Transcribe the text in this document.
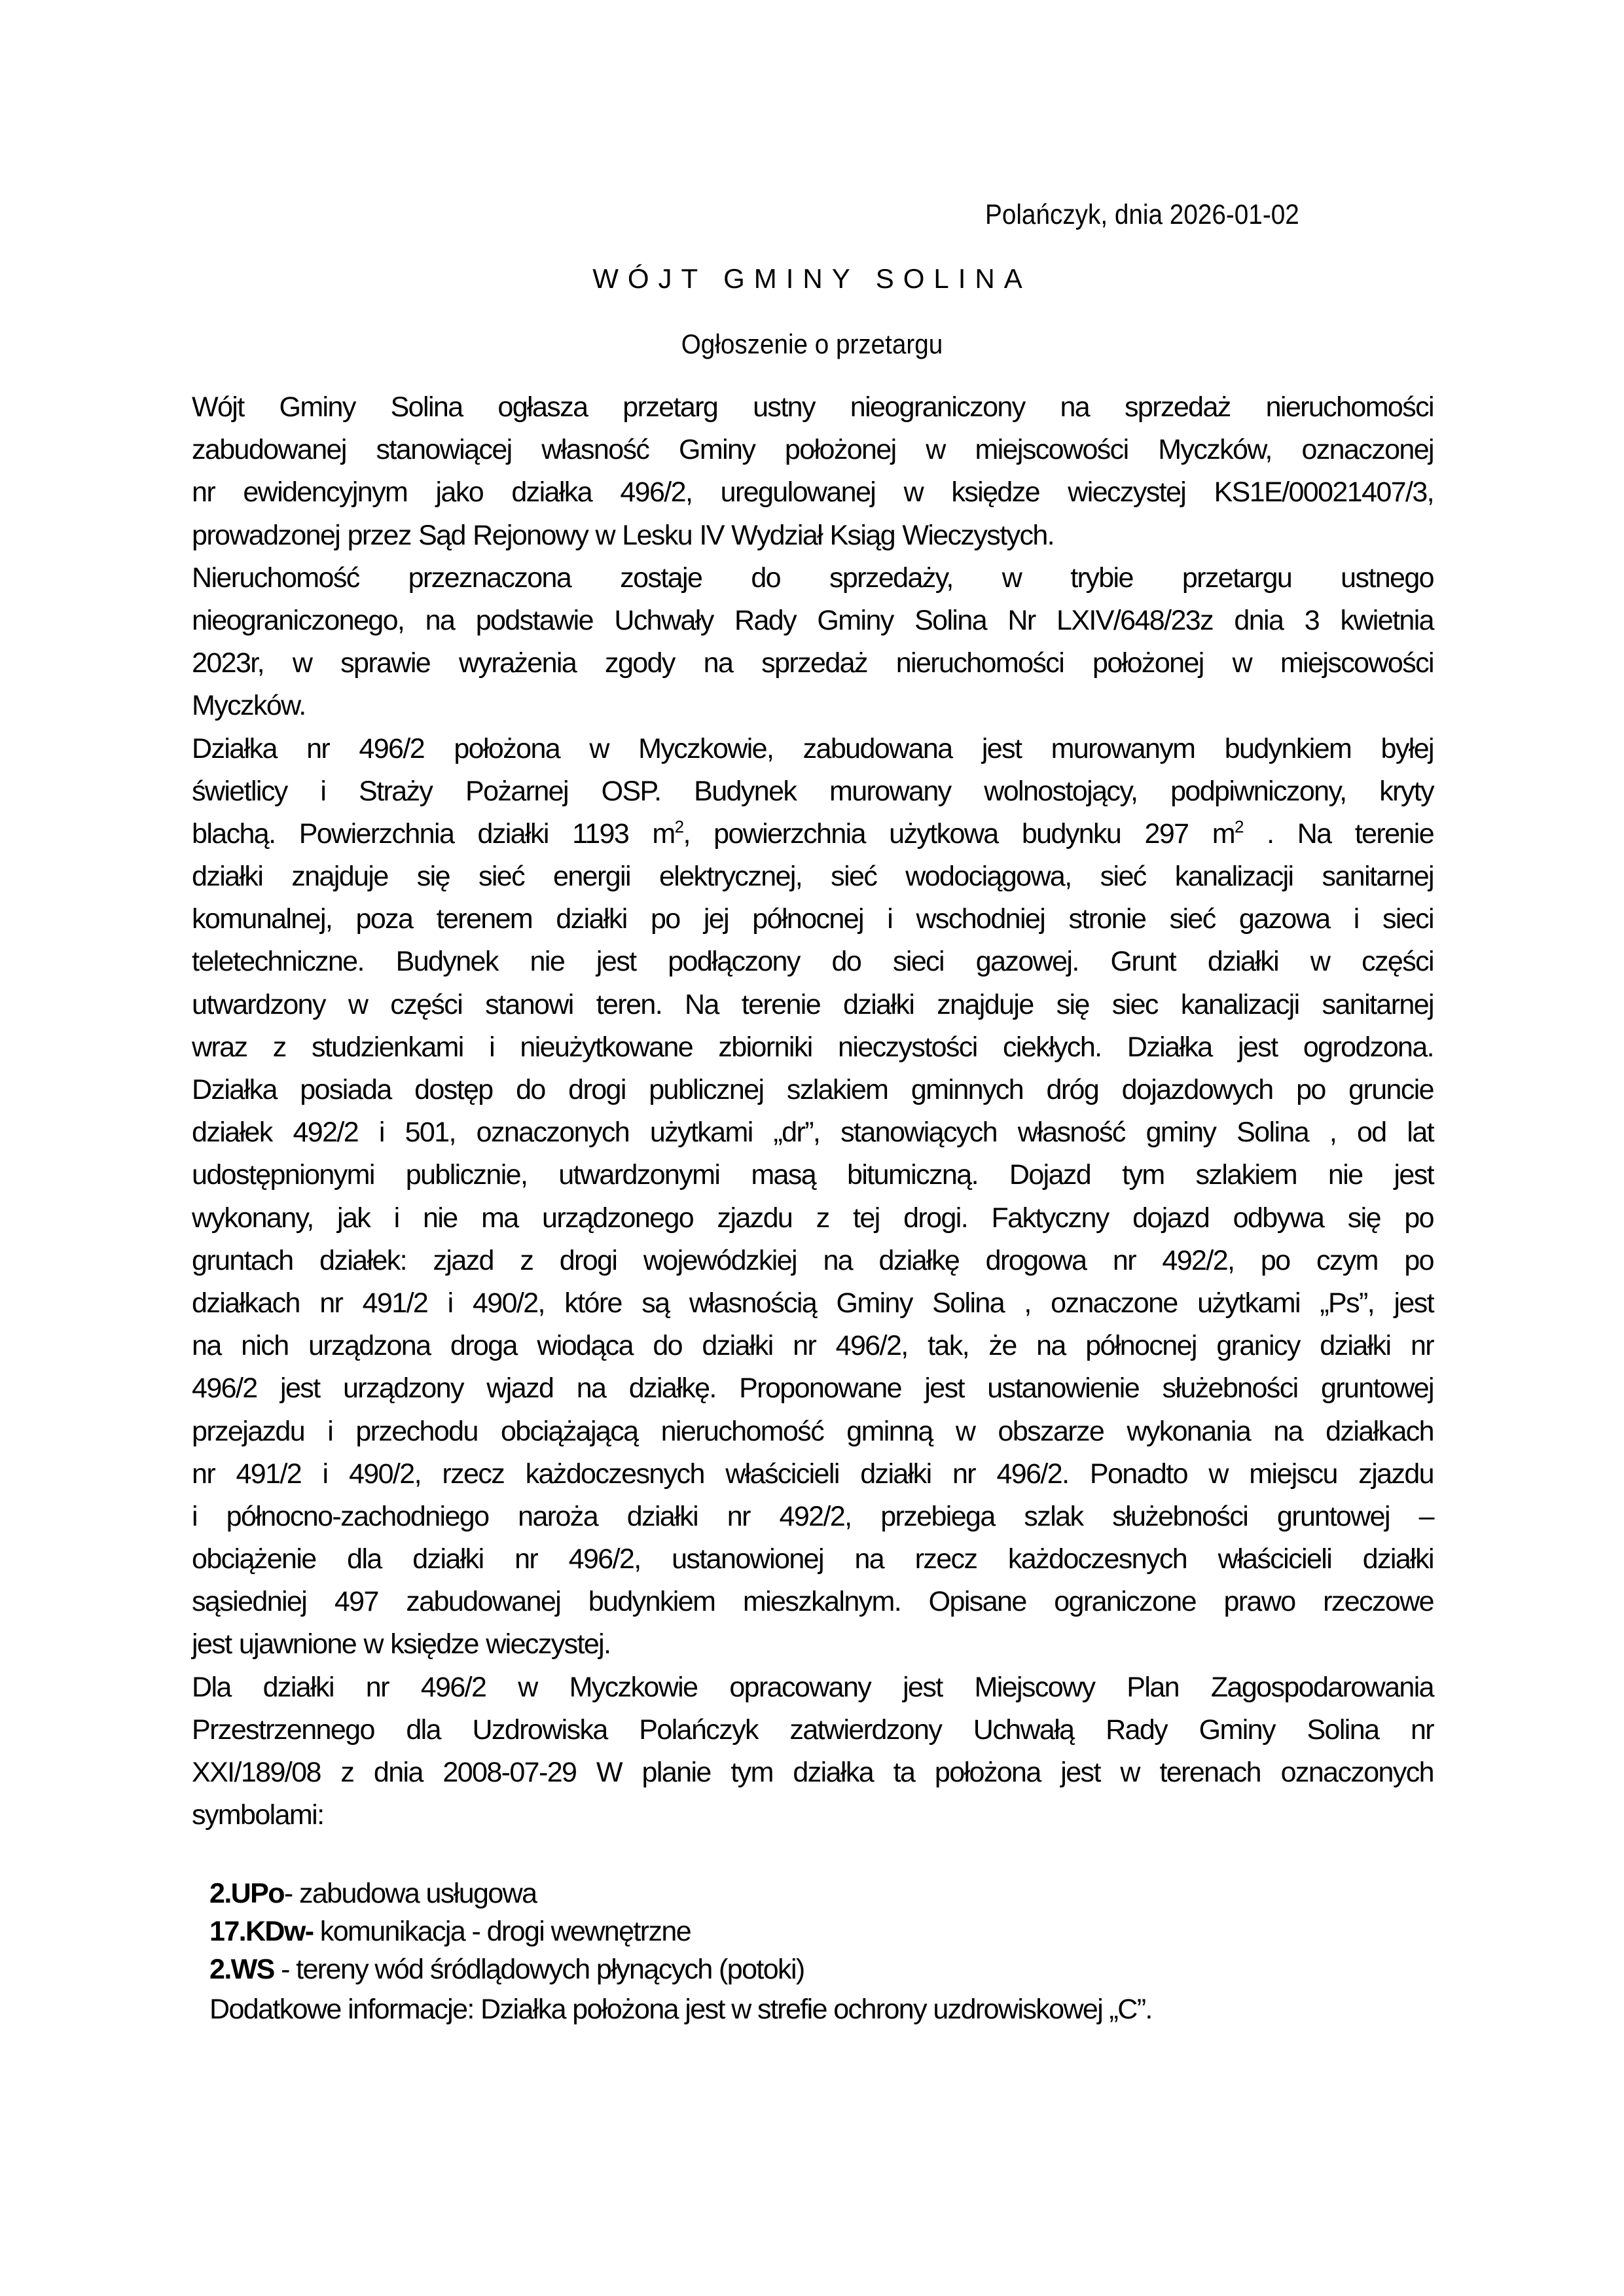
Polańczyk, dnia 2026-01-02
WÓJT GMINY SOLINA
Ogłoszenie o przetargu
Wójt Gminy Solina ogłasza przetarg ustny nieograniczony na sprzedaż nieruchomości
zabudowanej stanowiącej własność Gminy położonej w miejscowości Myczków, oznaczonej
nr ewidencyjnym jako działka 496/2, uregulowanej w księdze wieczystej KS1E/00021407/3,
prowadzonej przez Sąd Rejonowy w Lesku IV Wydział Ksiąg Wieczystych.
Nieruchomość przeznaczona zostaje do sprzedaży, w trybie przetargu ustnego
nieograniczonego, na podstawie Uchwały Rady Gminy Solina Nr LXIV/648/23z dnia 3 kwietnia
2023r, w sprawie wyrażenia zgody na sprzedaż nieruchomości położonej w miejscowości
Myczków.
Działka nr 496/2 położona w Myczkowie, zabudowana jest murowanym budynkiem byłej
świetlicy i Straży Pożarnej OSP. Budynek murowany wolnostojący, podpiwniczony, kryty
blachą. Powierzchnia działki 1193 $m^2$, powierzchnia użytkowa budynku 297 $m^2$ . Na terenie
działki znajduje się sieć energii elektrycznej, sieć wodociągowa, sieć kanalizacji sanitarnej
komunalnej, poza terenem działki po jej północnej i wschodniej stronie sieć gazowa i sieci
teletechniczne. Budynek nie jest podłączony do sieci gazowej. Grunt działki w części
utwardzony w części stanowi teren. Na terenie działki znajduje się siec kanalizacji sanitarnej
wraz z studzienkami i nieużytkowane zbiorniki nieczystości ciekłych. Działka jest ogrodzona.
Działka posiada dostęp do drogi publicznej szlakiem gminnych dróg dojazdowych po gruncie
działek 492/2 i 501, oznaczonych użytkami „dr”, stanowiących własność gminy Solina , od lat
udostępnionymi publicznie, utwardzonymi masą bitumiczną. Dojazd tym szlakiem nie jest
wykonany, jak i nie ma urządzonego zjazdu z tej drogi. Faktyczny dojazd odbywa się po
gruntach działek: zjazd z drogi wojewódzkiej na działkę drogowa nr 492/2, po czym po
działkach nr 491/2 i 490/2, które są własnością Gminy Solina , oznaczone użytkami „Ps”, jest
na nich urządzona droga wiodąca do działki nr 496/2, tak, że na północnej granicy działki nr
496/2 jest urządzony wjazd na działkę. Proponowane jest ustanowienie służebności gruntowej
przejazdu i przechodu obciążającą nieruchomość gminną w obszarze wykonania na działkach
nr 491/2 i 490/2, rzecz każdoczesnych właścicieli działki nr 496/2. Ponadto w miejscu zjazdu
i północno-zachodniego naroża działki nr 492/2, przebiega szlak służebności gruntowej –
obciążenie dla działki nr 496/2, ustanowionej na rzecz każdoczesnych właścicieli działki
sąsiedniej 497 zabudowanej budynkiem mieszkalnym. Opisane ograniczone prawo rzeczowe
jest ujawnione w księdze wieczystej.
Dla działki nr 496/2 w Myczkowie opracowany jest Miejscowy Plan Zagospodarowania
Przestrzennego dla Uzdrowiska Polańczyk zatwierdzony Uchwałą Rady Gminy Solina nr
XXI/189/08 z dnia 2008-07-29 W planie tym działka ta położona jest w terenach oznaczonych
symbolami:
2.UPo- zabudowa usługowa
17.KDw- komunikacja - drogi wewnętrzne
2.WS - tereny wód śródlądowych płynących (potoki)
Dodatkowe informacje: Działka położona jest w strefie ochrony uzdrowiskowej „C”.
